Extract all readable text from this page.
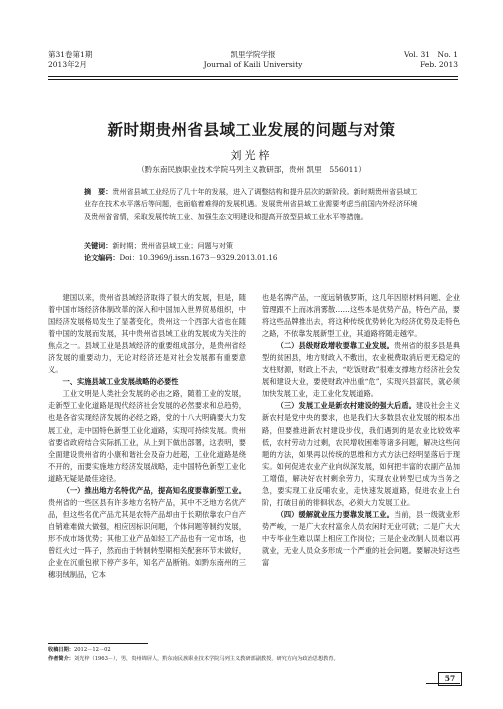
第31卷第1期
2013年2月
凯里学院学报
Journal of Kaili University
Vol. 31　No. 1
Feb. 2013
新时期贵州省县域工业发展的问题与对策
刘光梓
（黔东南民族职业技术学院马列主义教研部，贵州 凯里　556011）

摘　要：贵州省县域工业经历了几十年的发展，进入了调整结构和提升层次的新阶段。新时期贵州省县域工业存在技术水平落后等问题，也面临着难得的发展机遇。发展贵州省县域工业需要考虑当前国内外经济环境及贵州省省情，采取发展传统工业、加强生态文明建设和提高开放型县域工业水平等措施。

关键词：新时期；贵州省县域工业；问题与对策

论文编码：Doi：10.3969/j.issn.1673－9329.2013.01.16

建国以来，贵州省县域经济取得了很大的发展，但是，随着中国市场经济体制改革的深入和中国加入世界贸易组织，中国经济发展格局发生了显著变化，贵州这一个西部大省也在随着中国的发展而发展，其中贵州省县域工业的发展成为关注的焦点之一。县域工业是县域经济的重要组成部分，是贵州省经济发展的重要动力，无论对经济还是对社会发展都有重要意义。

一、实施县域工业发展战略的必要性

工业文明是人类社会发展的必由之路，随着工业的发展，走新型工业化道路是现代经济社会发展的必然要求和总趋势，也是各省实现经济发展的必经之路，党的十八大明确要大力发展工业，走中国特色新型工业化道路，实现可持续发展。贵州省要省政府结合实际抓工业，从上到下做出部署，这表明，要全面建设贵州省的小康和谐社会及奋力赶超，工业化道路是绕不开的，而要实施地方经济发展战略，走中国特色新型工业化道路无疑是最佳途径。

（一）推出地方名特优产品，提高知名度要靠新型工业。贵州省的一些区县有许多地方名特产品，其中不乏地方名优产品，但这些名优产品尤其是农特产品却由于长期依靠农户自产自销难难做大做强，相应因标识问题，个体问题等制约发展，形不成市场优势；其他工业产品如轻工产品也有一定市场，也曾红火过一阵子，然而由于转制转型期相关配套环节未做好，企业在沉重包袱下停产多年，知名产品断销。如黔东南州的三穗羽绒制品，它本

也是名牌产品，一度远销俄罗斯，这几年因原材料问题、企业管理跟不上而冰消雾散……这些本是优势产品，特色产品，要将这些品牌推出去，将这种传统优势转化为经济优势及走特色之路，不依靠发展新型工业，其道路将随走越窄。

（二）县级财政增收要靠工业发展。贵州省的很多县是典型的贫困县，地方财政入不敷出，农业税费取消后更无稳定的支柱财源，财政上不去，“吃饭财政”很难支撑地方经济社会发展和建设大业，要使财政冲出重“危”，实现兴县富民，就必须加快发展工业，走工业化发展道路。

（三）发展工业是新农村建设的强大后盾。建设社会主义新农村是党中央的要求，也是我们大多数县农业发展的根本出路，但要推进新农村建设步伐，我们遇到的是农业比较效率低，农村劳动力过剩，农民增收困难等诸多问题，解决这些问题的方法，如果再以传统的思维和方式方法已经明显落后于现实。如何促进农业产业向纵深发展，如何把丰富的农副产品加工增值，解决好农村剩余劳力，实现农业转型已成为当务之急，要实现工业反哺农业，走快速发展道路，促进农业上台阶，打破目前的徘徊状态，必须大力发展工业。

（四）缓解就业压力要靠发展工业。当前，县一级就业形势严峻，一是广大农村富余人员农闲时无业可就；二是广大大中专毕业生难以谋上相应工作岗位；三是企业改制人员难以再就业，无业人员众多形成一个严重的社会问题。要解决好这些富

收稿日期：2012－12－02

作者简介：刘光梓（1963－），男，贵州锦屏人，黔东南民族职业技术学院马列主义教研部副教授，研究方向为政治思想教育。

57
